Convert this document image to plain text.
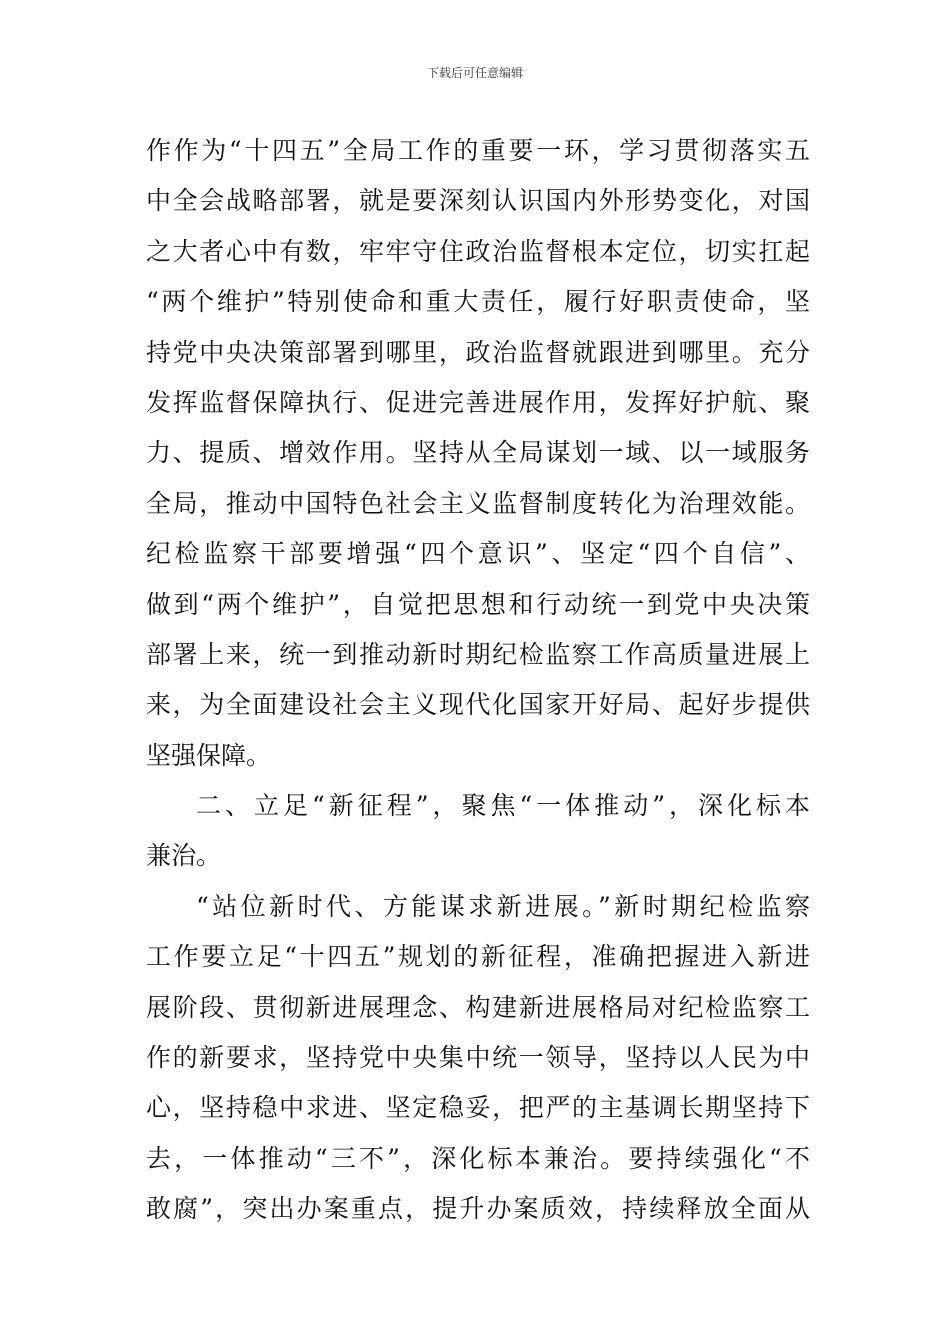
下载后可任意编辑
作作为“十四五”全局工作的重要一环，学习贯彻落实五
中全会战略部署，就是要深刻认识国内外形势变化，对国
之大者心中有数，牢牢守住政治监督根本定位，切实扛起
“两个维护”特别使命和重大责任，履行好职责使命，坚
持党中央决策部署到哪里，政治监督就跟进到哪里。充分
发挥监督保障执行、促进完善进展作用，发挥好护航、聚
力、提质、增效作用。坚持从全局谋划一域、以一域服务
全局，推动中国特色社会主义监督制度转化为治理效能。
纪检监察干部要增强“四个意识”、坚定“四个自信”、
做到“两个维护”，自觉把思想和行动统一到党中央决策
部署上来，统一到推动新时期纪检监察工作高质量进展上
来，为全面建设社会主义现代化国家开好局、起好步提供
坚强保障。
二、立足“新征程”，聚焦“一体推动”，深化标本
兼治。
“站位新时代、方能谋求新进展。”新时期纪检监察
工作要立足“十四五”规划的新征程，准确把握进入新进
展阶段、贯彻新进展理念、构建新进展格局对纪检监察工
作的新要求，坚持党中央集中统一领导，坚持以人民为中
心，坚持稳中求进、坚定稳妥，把严的主基调长期坚持下
去，一体推动“三不”，深化标本兼治。要持续强化“不
敢腐”，突出办案重点，提升办案质效，持续释放全面从
